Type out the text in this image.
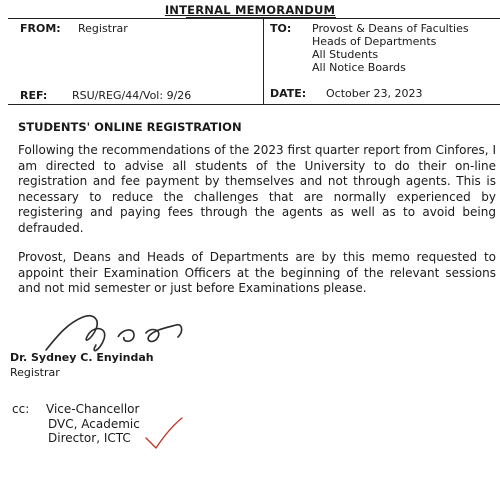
INTERNAL MEMORANDUM
FROM: Registrar	TO: Provost & Deans of Faculties
Heads of Departments
All Students
All Notice Boards
REF: RSU/REG/44/Vol: 9/26	DATE: October 23, 2023
STUDENTS' ONLINE REGISTRATION
Following the recommendations of the 2023 first quarter report from Cinfores, I am directed to advise all students of the University to do their on-line registration and fee payment by themselves and not through agents. This is necessary to reduce the challenges that are normally experienced by registering and paying fees through the agents as well as to avoid being defrauded.
Provost, Deans and Heads of Departments are by this memo requested to appoint their Examination Officers at the beginning of the relevant sessions and not mid semester or just before Examinations please.
Dr. Sydney C. Enyindah
Registrar
cc: Vice-Chancellor
DVC, Academic
Director, ICTC
